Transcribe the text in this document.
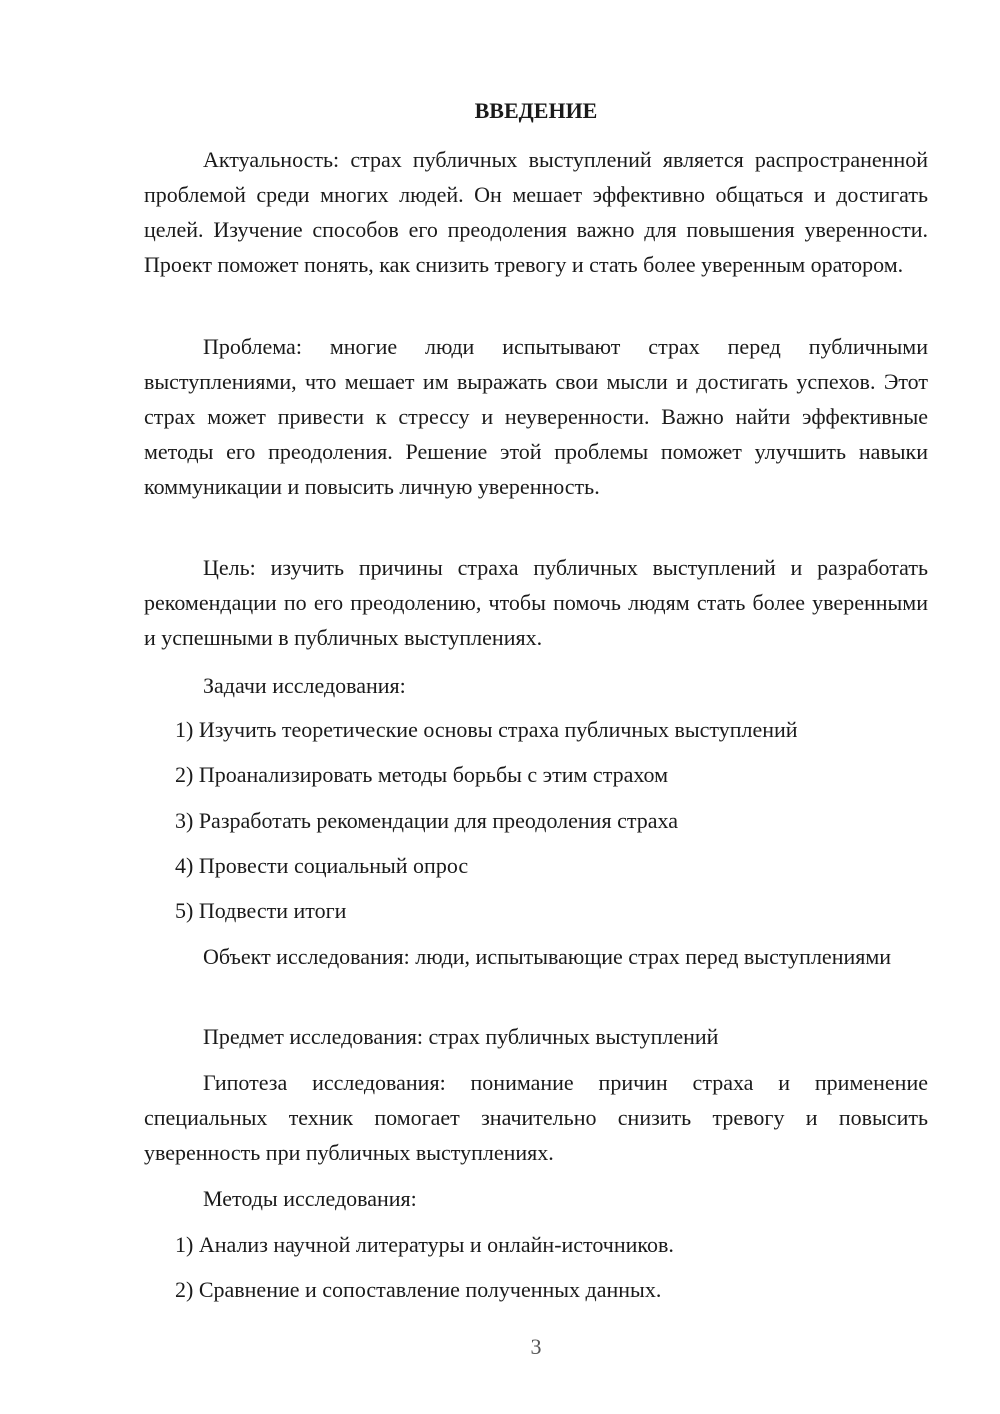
ВВЕДЕНИЕ

Актуальность: страх публичных выступлений является распространенной проблемой среди многих людей. Он мешает эффективно общаться и достигать целей. Изучение способов его преодоления важно для повышения уверенности. Проект поможет понять, как снизить тревогу и стать более уверенным оратором.

Проблема: многие люди испытывают страх перед публичными выступлениями, что мешает им выражать свои мысли и достигать успехов. Этот страх может привести к стрессу и неуверенности. Важно найти эффективные методы его преодоления. Решение этой проблемы поможет улучшить навыки коммуникации и повысить личную уверенность.

Цель: изучить причины страха публичных выступлений и разработать рекомендации по его преодолению, чтобы помочь людям стать более уверенными и успешными в публичных выступлениях.

Задачи исследования:

1) Изучить теоретические основы страха публичных выступлений

2) Проанализировать методы борьбы с этим страхом

3) Разработать рекомендации для преодоления страха

4) Провести социальный опрос

5) Подвести итоги

Объект исследования: люди, испытывающие страх перед выступлениями

Предмет исследования: страх публичных выступлений

Гипотеза исследования: понимание причин страха и применение специальных техник помогает значительно снизить тревогу и повысить уверенность при публичных выступлениях.

Методы исследования:

1) Анализ научной литературы и онлайн-источников.

2) Сравнение и сопоставление полученных данных.

3
